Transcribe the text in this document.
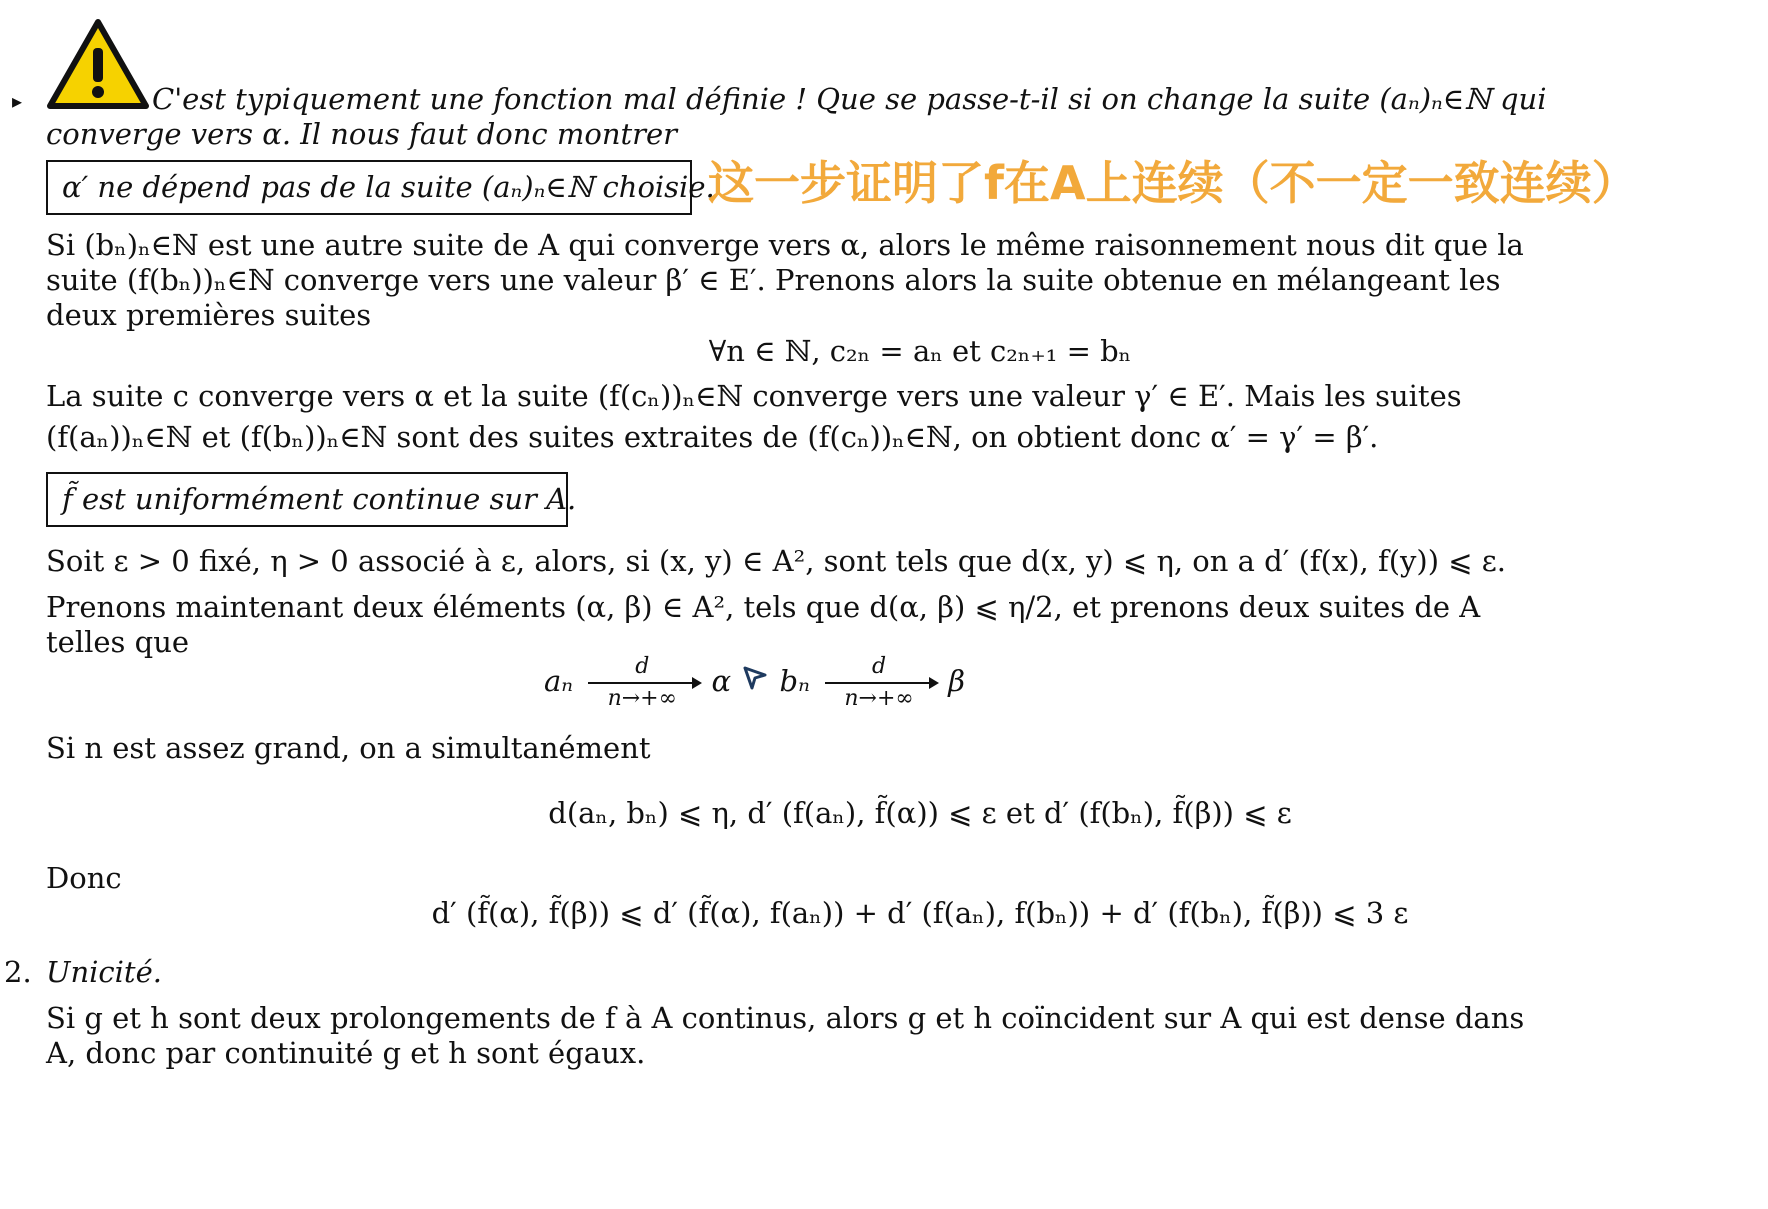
▸	C'est typiquement une fonction mal définie ! Que se passe-t-il si on change la suite (aₙ)ₙ∈ℕ qui
converge vers α. Il nous faut donc montrer
α′ ne dépend pas de la suite (aₙ)ₙ∈ℕ choisie.
这一步证明了f在A上连续（不一定一致连续）
Si (bₙ)ₙ∈ℕ est une autre suite de A qui converge vers α, alors le même raisonnement nous dit que la
suite (f(bₙ))ₙ∈ℕ converge vers une valeur β′ ∈ E′. Prenons alors la suite obtenue en mélangeant les
deux premières suites
∀n ∈ ℕ, c₂ₙ = aₙ et c₂ₙ₊₁ = bₙ
La suite c converge vers α et la suite (f(cₙ))ₙ∈ℕ converge vers une valeur γ′ ∈ E′. Mais les suites
(f(aₙ))ₙ∈ℕ et (f(bₙ))ₙ∈ℕ sont des suites extraites de (f(cₙ))ₙ∈ℕ, on obtient donc α′ = γ′ = β′.
f̃ est uniformément continue sur A.
Soit ε > 0 fixé, η > 0 associé à ε, alors, si (x, y) ∈ A², sont tels que d(x, y) ⩽ η, on a d′ (f(x), f(y)) ⩽ ε.
Prenons maintenant deux éléments (α, β) ∈ A², tels que d(α, β) ⩽ η/2, et prenons deux suites de A
telles que
aₙ $\frac{d}{n\to+\infty}$ α bₙ $\frac{d}{n\to+\infty}$ β
Si n est assez grand, on a simultanément
d(aₙ, bₙ) ⩽ η, d′ (f(aₙ), f̃(α)) ⩽ ε et d′ (f(bₙ), f̃(β)) ⩽ ε
Donc
d′ (f̃(α), f̃(β)) ⩽ d′ (f̃(α), f(aₙ)) + d′ (f(aₙ), f(bₙ)) + d′ (f(bₙ), f̃(β)) ⩽ 3 ε
2. Unicité.
Si g et h sont deux prolongements de f à A continus, alors g et h coïncident sur A qui est dense dans
A, donc par continuité g et h sont égaux.
